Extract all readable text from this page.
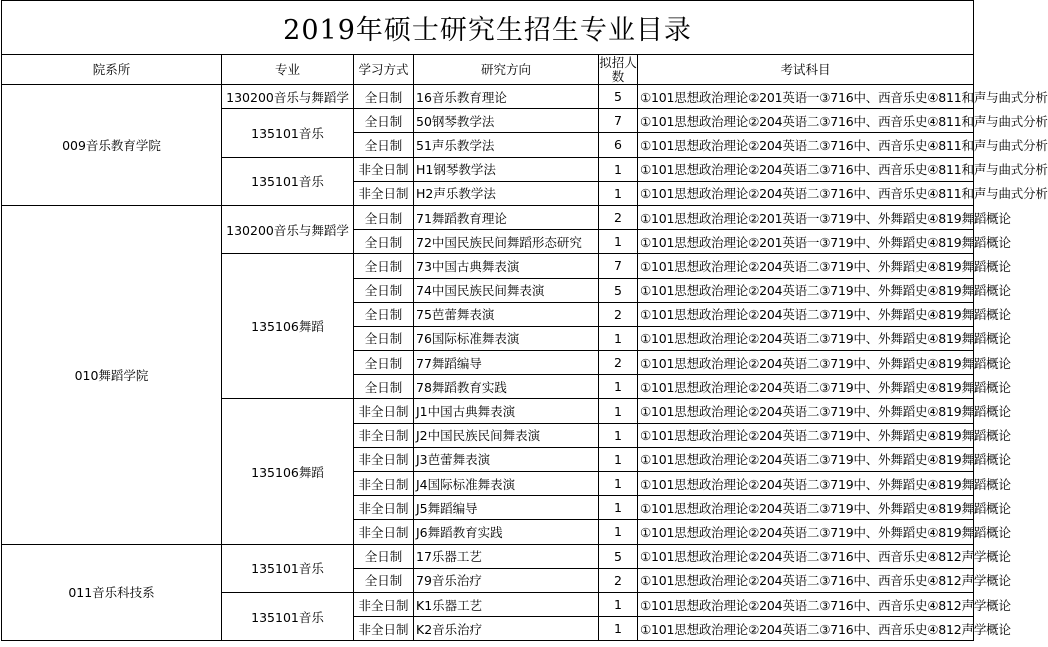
2019年硕士研究生招生专业目录					
院系所	专业	学习方式	研究方向	拟招人数	考试科目
009音乐教育学院	130200音乐与舞蹈学	全日制	16音乐教育理论	5	①101思想政治理论②201英语一③716中、西音乐史④811和声与曲式分析
	135101音乐	全日制	50钢琴教学法	7	①101思想政治理论②204英语二③716中、西音乐史④811和声与曲式分析
		全日制	51声乐教学法	6	①101思想政治理论②204英语二③716中、西音乐史④811和声与曲式分析
	135101音乐	非全日制	H1钢琴教学法	1	①101思想政治理论②204英语二③716中、西音乐史④811和声与曲式分析
		非全日制	H2声乐教学法	1	①101思想政治理论②204英语二③716中、西音乐史④811和声与曲式分析
010舞蹈学院	130200音乐与舞蹈学	全日制	71舞蹈教育理论	2	①101思想政治理论②201英语一③719中、外舞蹈史④819舞蹈概论
		全日制	72中国民族民间舞蹈形态研究	1	①101思想政治理论②201英语一③719中、外舞蹈史④819舞蹈概论
	135106舞蹈	全日制	73中国古典舞表演	7	①101思想政治理论②204英语二③719中、外舞蹈史④819舞蹈概论
		全日制	74中国民族民间舞表演	5	①101思想政治理论②204英语二③719中、外舞蹈史④819舞蹈概论
		全日制	75芭蕾舞表演	2	①101思想政治理论②204英语二③719中、外舞蹈史④819舞蹈概论
		全日制	76国际标准舞表演	1	①101思想政治理论②204英语二③719中、外舞蹈史④819舞蹈概论
		全日制	77舞蹈编导	2	①101思想政治理论②204英语二③719中、外舞蹈史④819舞蹈概论
		全日制	78舞蹈教育实践	1	①101思想政治理论②204英语二③719中、外舞蹈史④819舞蹈概论
	135106舞蹈	非全日制	J1中国古典舞表演	1	①101思想政治理论②204英语二③719中、外舞蹈史④819舞蹈概论
		非全日制	J2中国民族民间舞表演	1	①101思想政治理论②204英语二③719中、外舞蹈史④819舞蹈概论
		非全日制	J3芭蕾舞表演	1	①101思想政治理论②204英语二③719中、外舞蹈史④819舞蹈概论
		非全日制	J4国际标准舞表演	1	①101思想政治理论②204英语二③719中、外舞蹈史④819舞蹈概论
		非全日制	J5舞蹈编导	1	①101思想政治理论②204英语二③719中、外舞蹈史④819舞蹈概论
		非全日制	J6舞蹈教育实践	1	①101思想政治理论②204英语二③719中、外舞蹈史④819舞蹈概论
011音乐科技系	135101音乐	全日制	17乐器工艺	5	①101思想政治理论②204英语二③716中、西音乐史④812声学概论
		全日制	79音乐治疗	2	①101思想政治理论②204英语二③716中、西音乐史④812声学概论
	135101音乐	非全日制	K1乐器工艺	1	①101思想政治理论②204英语二③716中、西音乐史④812声学概论
		非全日制	K2音乐治疗	1	①101思想政治理论②204英语二③716中、西音乐史④812声学概论
